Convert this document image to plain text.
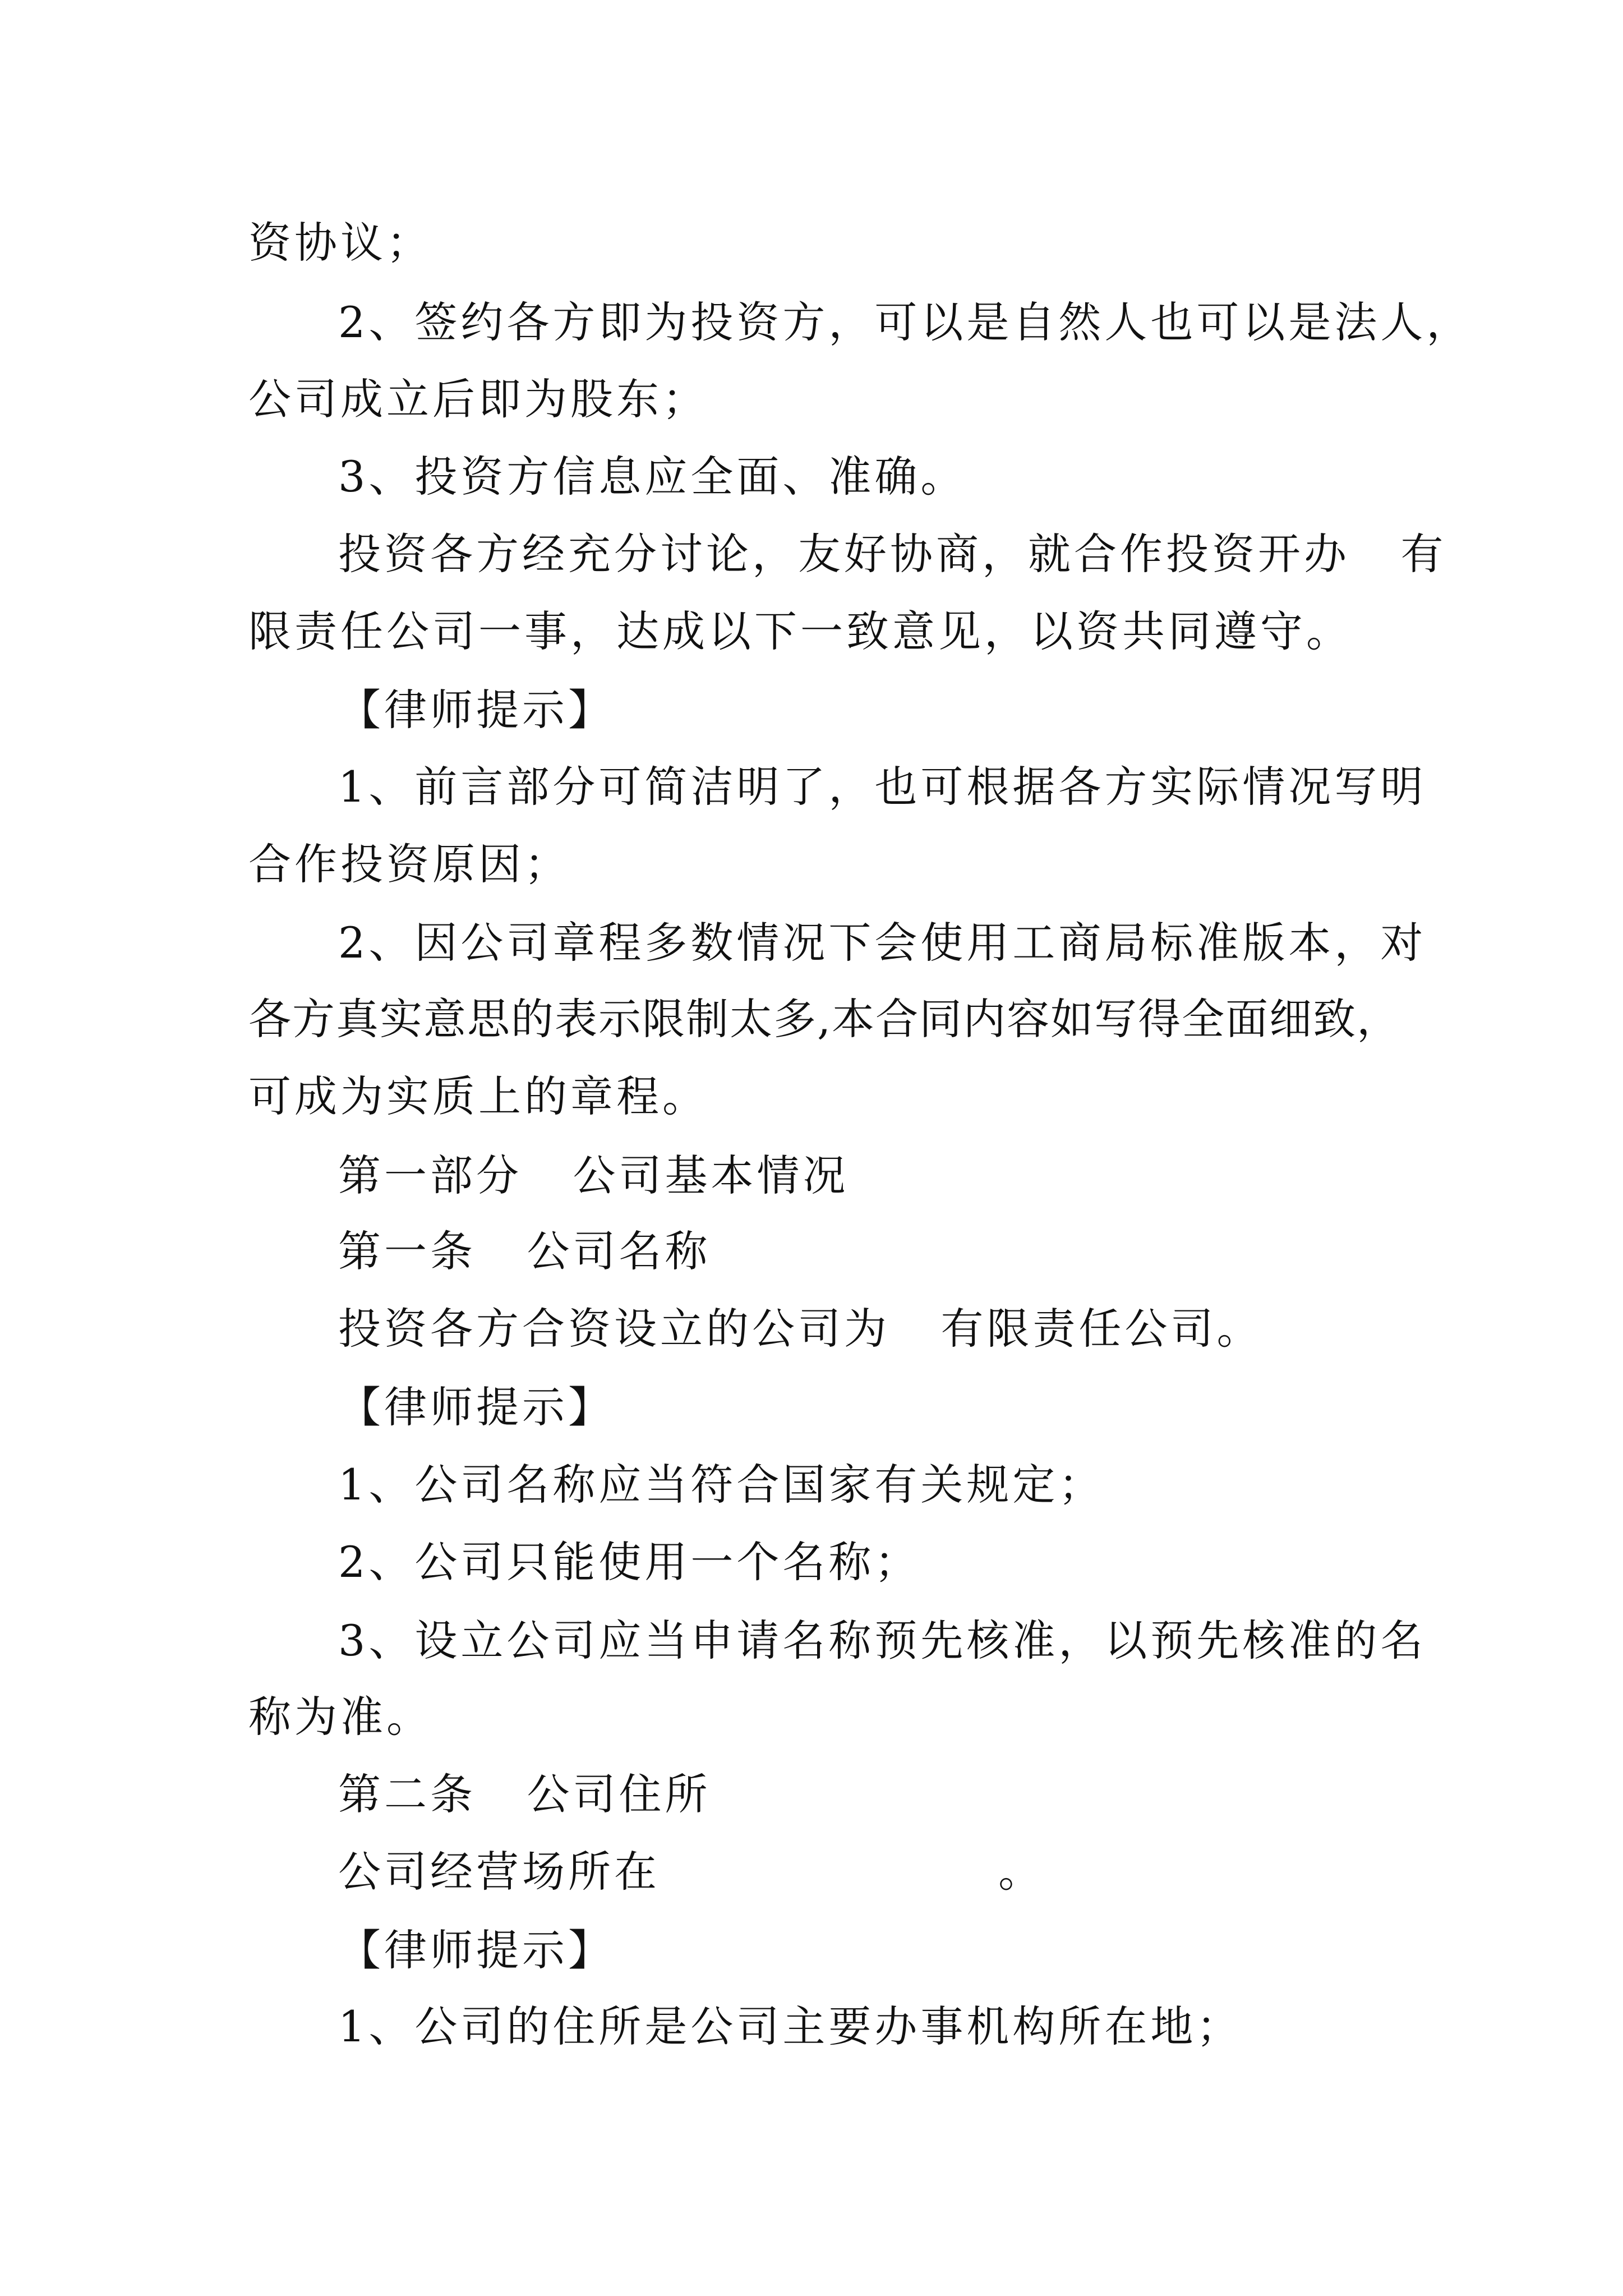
资协议；
2、签约各方即为投资方，可以是自然人也可以是法人，
公司成立后即为股东；
3、投资方信息应全面、准确。
投资各方经充分讨论，友好协商，就合作投资开办   有
限责任公司一事，达成以下一致意见，以资共同遵守。
【律师提示】
1、前言部分可简洁明了，也可根据各方实际情况写明
合作投资原因；
2、因公司章程多数情况下会使用工商局标准版本，对
各方真实意思的表示限制太多,本合同内容如写得全面细致，
可成为实质上的章程。
第一部分   公司基本情况
第一条   公司名称
投资各方合资设立的公司为   有限责任公司。
【律师提示】
1、公司名称应当符合国家有关规定；
2、公司只能使用一个名称；
3、设立公司应当申请名称预先核准，以预先核准的名
称为准。
第二条   公司住所
公司经营场所在                    。
【律师提示】
1、公司的住所是公司主要办事机构所在地；
